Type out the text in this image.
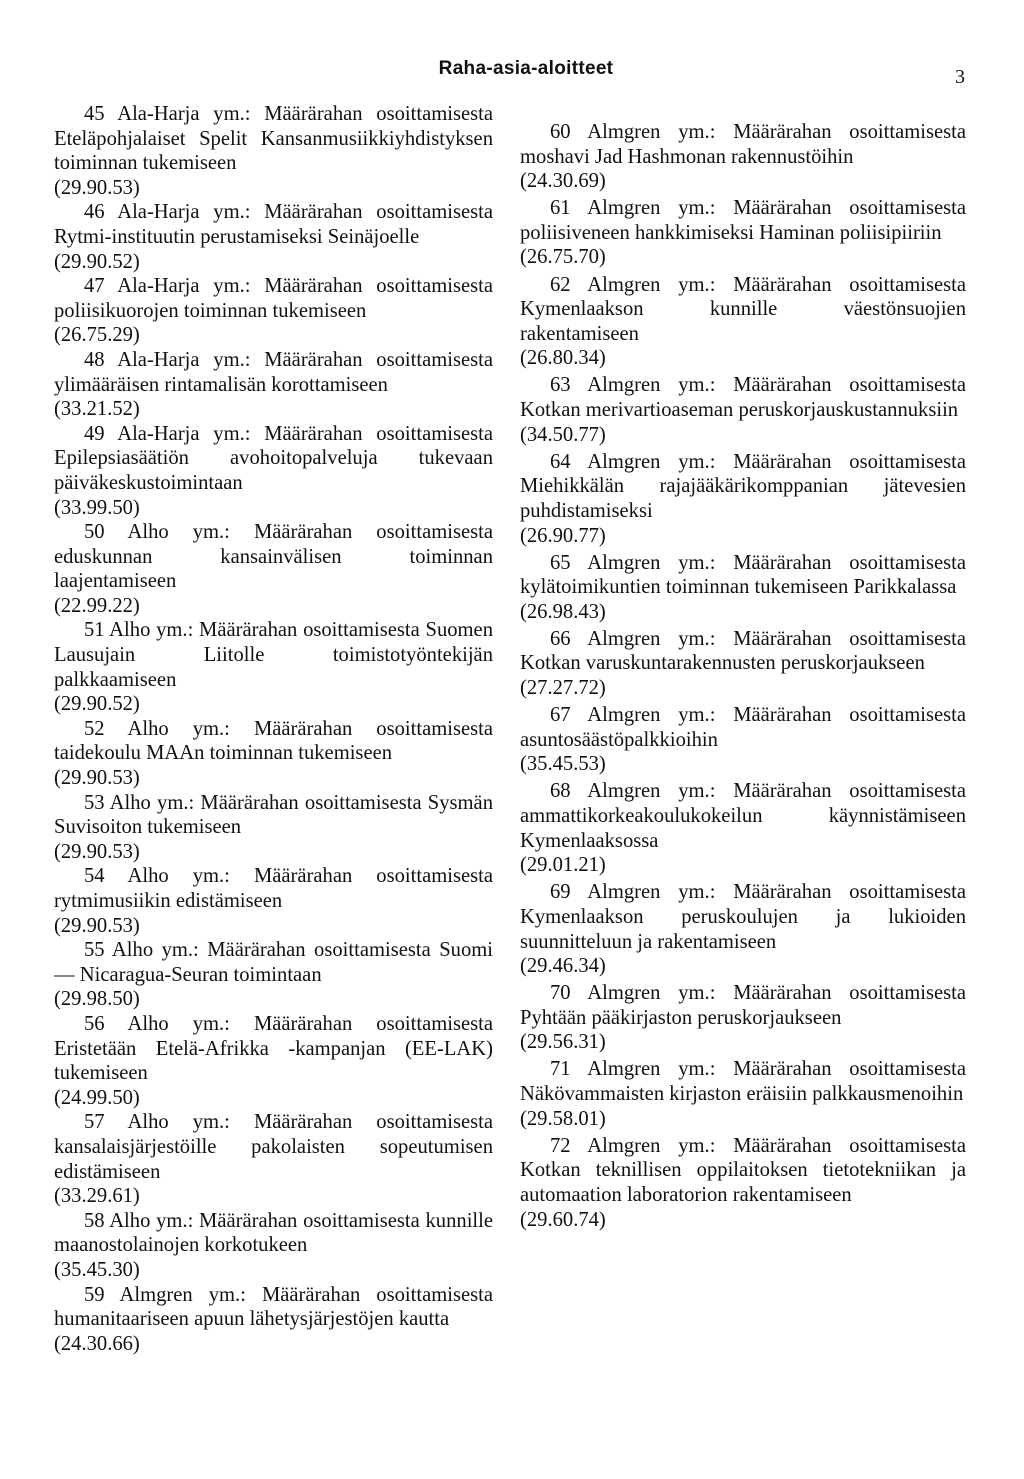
Raha-asia-aloitteet	3
45 Ala-Harja ym.: Määrärahan osoittamisesta Eteläpohjalaiset Spelit Kansanmusiikkiyhdistyksen toiminnan tukemiseen
(29.90.53)
46 Ala-Harja ym.: Määrärahan osoittamisesta Rytmi-instituutin perustamiseksi Seinäjoelle
(29.90.52)
47 Ala-Harja ym.: Määrärahan osoittamisesta poliisikuorojen toiminnan tukemiseen
(26.75.29)
48 Ala-Harja ym.: Määrärahan osoittamisesta ylimääräisen rintamalisän korottamiseen
(33.21.52)
49 Ala-Harja ym.: Määrärahan osoittamisesta Epilepsiasäätiön avohoitopalveluja tukevaan päiväkeskustoimintaan
(33.99.50)
50 Alho ym.: Määrärahan osoittamisesta eduskunnan kansainvälisen toiminnan laajentamiseen
(22.99.22)
51 Alho ym.: Määrärahan osoittamisesta Suomen Lausujain Liitolle toimistotyöntekijän palkkaamiseen
(29.90.52)
52 Alho ym.: Määrärahan osoittamisesta taidekoulu MAAn toiminnan tukemiseen
(29.90.53)
53 Alho ym.: Määrärahan osoittamisesta Sysmän Suvisoiton tukemiseen
(29.90.53)
54 Alho ym.: Määrärahan osoittamisesta rytmimusiikin edistämiseen
(29.90.53)
55 Alho ym.: Määrärahan osoittamisesta Suomi — Nicaragua-Seuran toimintaan
(29.98.50)
56 Alho ym.: Määrärahan osoittamisesta Eristetään Etelä-Afrikka -kampanjan (EE-LAK) tukemiseen
(24.99.50)
57 Alho ym.: Määrärahan osoittamisesta kansalaisjärjestöille pakolaisten sopeutumisen edistämiseen
(33.29.61)
58 Alho ym.: Määrärahan osoittamisesta kunnille maanostolainojen korkotukeen
(35.45.30)
59 Almgren ym.: Määrärahan osoittamisesta humanitaariseen apuun lähetysjärjestöjen kautta
(24.30.66)
60 Almgren ym.: Määrärahan osoittamisesta moshavi Jad Hashmonan rakennustöihin
(24.30.69)
61 Almgren ym.: Määrärahan osoittamisesta poliisiveneen hankkimiseksi Haminan poliisipiiriin
(26.75.70)
62 Almgren ym.: Määrärahan osoittamisesta Kymenlaakson kunnille väestönsuojien rakentamiseen
(26.80.34)
63 Almgren ym.: Määrärahan osoittamisesta Kotkan merivartioaseman peruskorjauskustannuksiin
(34.50.77)
64 Almgren ym.: Määrärahan osoittamisesta Miehikkälän rajajääkärikomppanian jätevesien puhdistamiseksi
(26.90.77)
65 Almgren ym.: Määrärahan osoittamisesta kylätoimikuntien toiminnan tukemiseen Parikkalassa
(26.98.43)
66 Almgren ym.: Määrärahan osoittamisesta Kotkan varuskuntarakennusten peruskorjaukseen
(27.27.72)
67 Almgren ym.: Määrärahan osoittamisesta asuntosäästöpalkkioihin
(35.45.53)
68 Almgren ym.: Määrärahan osoittamisesta ammattikorkeakoulukokeilun käynnistämiseen Kymenlaaksossa
(29.01.21)
69 Almgren ym.: Määrärahan osoittamisesta Kymenlaakson peruskoulujen ja lukioiden suunnitteluun ja rakentamiseen
(29.46.34)
70 Almgren ym.: Määrärahan osoittamisesta Pyhtään pääkirjaston peruskorjaukseen
(29.56.31)
71 Almgren ym.: Määrärahan osoittamisesta Näkövammaisten kirjaston eräisiin palkkausmenoihin
(29.58.01)
72 Almgren ym.: Määrärahan osoittamisesta Kotkan teknillisen oppilaitoksen tietotekniikan ja automaation laboratorion rakentamiseen
(29.60.74)
